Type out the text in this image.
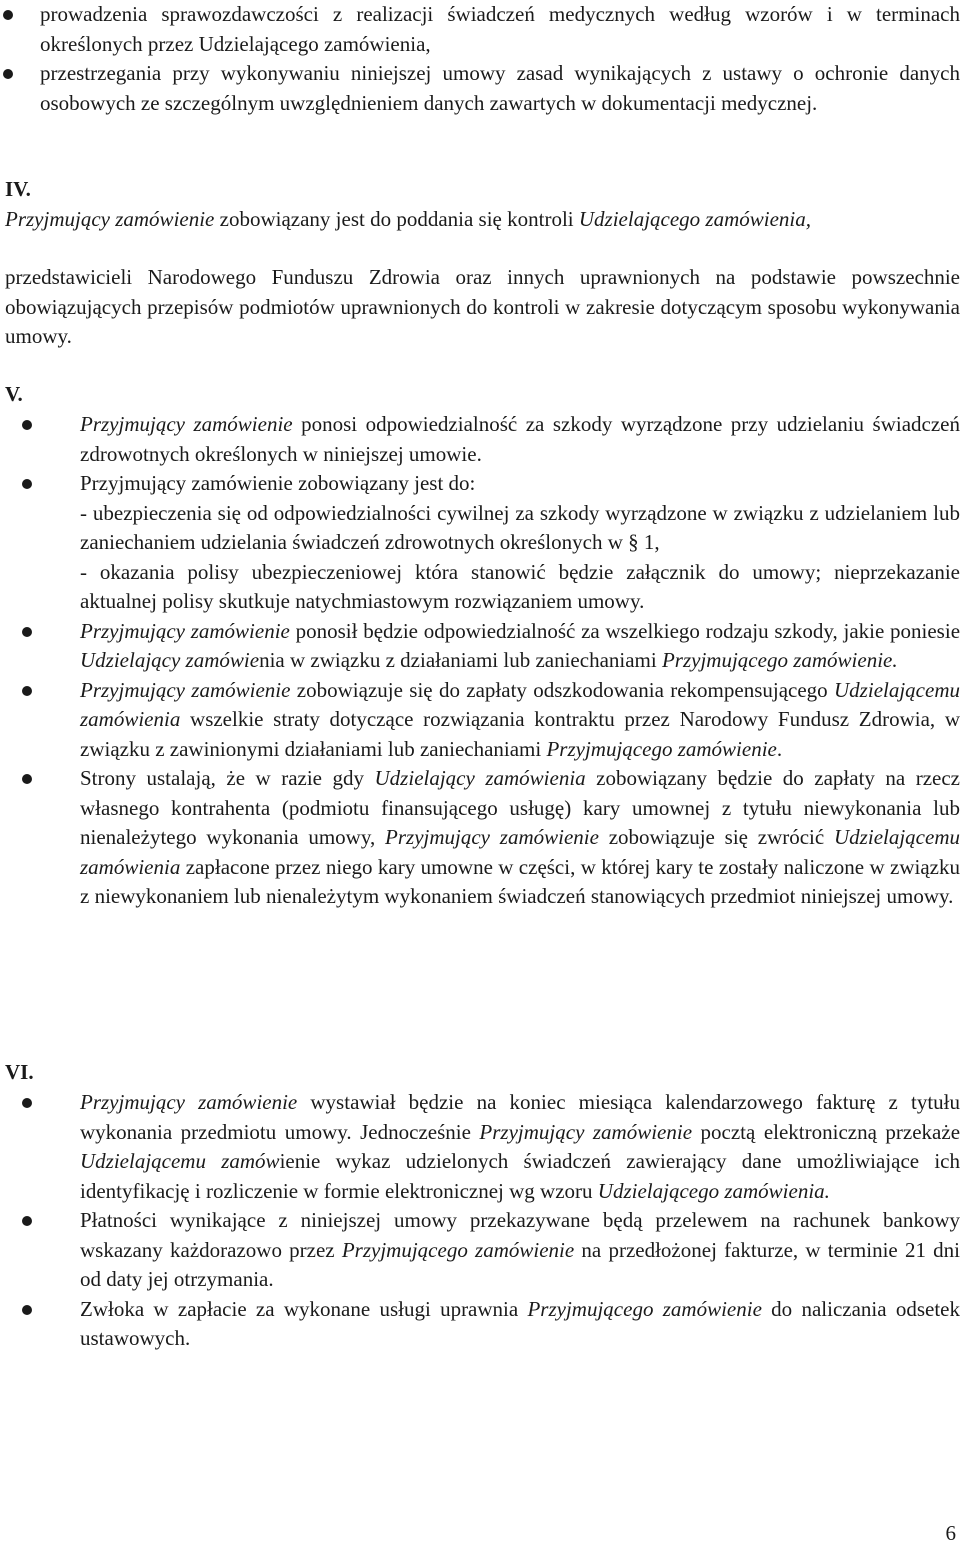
prowadzenia sprawozdawczości z realizacji świadczeń medycznych według wzorów i w terminach określonych przez Udzielającego zamówienia,
przestrzegania przy wykonywaniu niniejszej umowy zasad wynikających z ustawy o ochronie danych osobowych ze szczególnym uwzględnieniem danych zawartych w dokumentacji medycznej.
IV.
Przyjmujący zamówienie zobowiązany jest do poddania się kontroli Udzielającego zamówienia,
przedstawicieli Narodowego Funduszu Zdrowia oraz innych uprawnionych na podstawie powszechnie obowiązujących przepisów podmiotów uprawnionych do kontroli w zakresie dotyczącym sposobu wykonywania umowy.
V.
Przyjmujący zamówienie ponosi odpowiedzialność za szkody wyrządzone przy udzielaniu świadczeń zdrowotnych określonych w niniejszej umowie.
Przyjmujący zamówienie zobowiązany jest do:
- ubezpieczenia się od odpowiedzialności cywilnej za szkody wyrządzone w związku z udzielaniem lub zaniechaniem udzielania świadczeń zdrowotnych określonych w § 1,
- okazania polisy ubezpieczeniowej która stanowić będzie załącznik do umowy; nieprzekazanie aktualnej polisy skutkuje natychmiastowym rozwiązaniem umowy.
Przyjmujący zamówienie ponosił będzie odpowiedzialność za wszelkiego rodzaju szkody, jakie poniesie Udzielający zamówienia w związku z działaniami lub zaniechaniami Przyjmującego zamówienie.
Przyjmujący zamówienie zobowiązuje się do zapłaty odszkodowania rekompensującego Udzielającemu zamówienia wszelkie straty dotyczące rozwiązania kontraktu przez Narodowy Fundusz Zdrowia, w związku z zawinionymi działaniami lub zaniechaniami Przyjmującego zamówienie.
Strony ustalają, że w razie gdy Udzielający zamówienia zobowiązany będzie do zapłaty na rzecz własnego kontrahenta (podmiotu finansującego usługę) kary umownej z tytułu niewykonania lub nienależytego wykonania umowy, Przyjmujący zamówienie zobowiązuje się zwrócić Udzielającemu zamówienia zapłacone przez niego kary umowne w części, w której kary te zostały naliczone w związku z niewykonaniem lub nienależytym wykonaniem świadczeń stanowiących przedmiot niniejszej umowy.
VI.
Przyjmujący zamówienie wystawiał będzie na koniec miesiąca kalendarzowego fakturę z tytułu wykonania przedmiotu umowy. Jednocześnie Przyjmujący zamówienie pocztą elektroniczną przekaże Udzielającemu zamówienie wykaz udzielonych świadczeń zawierający dane umożliwiające ich identyfikację i rozliczenie w formie elektronicznej wg wzoru Udzielającego zamówienia.
Płatności wynikające z niniejszej umowy przekazywane będą przelewem na rachunek bankowy wskazany każdorazowo przez Przyjmującego zamówienie na przedłożonej fakturze, w terminie 21 dni od daty jej otrzymania.
Zwłoka w zapłacie za wykonane usługi uprawnia Przyjmującego zamówienie do naliczania odsetek ustawowych.
6
